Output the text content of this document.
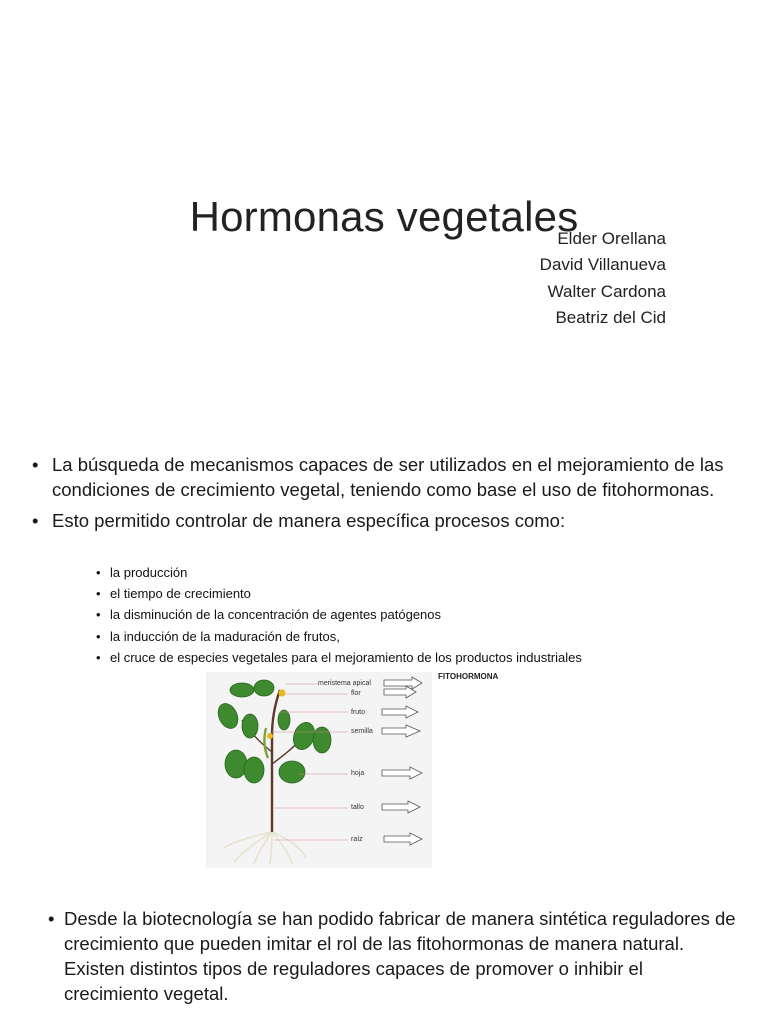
Hormonas vegetales
Elder Orellana
David Villanueva
Walter Cardona
Beatriz del Cid
• La búsqueda de mecanismos capaces de ser utilizados en el mejoramiento de las condiciones de crecimiento vegetal, teniendo como base el uso de fitohormonas.
• Esto permitido controlar de manera específica procesos como:
• la producción
• el tiempo de crecimiento
• la disminución de la concentración de agentes patógenos
• la inducción de la maduración de frutos,
• el cruce de especies vegetales para el mejoramiento de los productos industriales
FITOHORMONA
meristema apical
flor
fruto
semilla
hoja
tallo
raíz
• Desde la biotecnología se han podido fabricar de manera sintética reguladores de crecimiento que pueden imitar el rol de las fitohormonas de manera natural. Existen distintos tipos de reguladores capaces de promover o inhibir el crecimiento vegetal.
